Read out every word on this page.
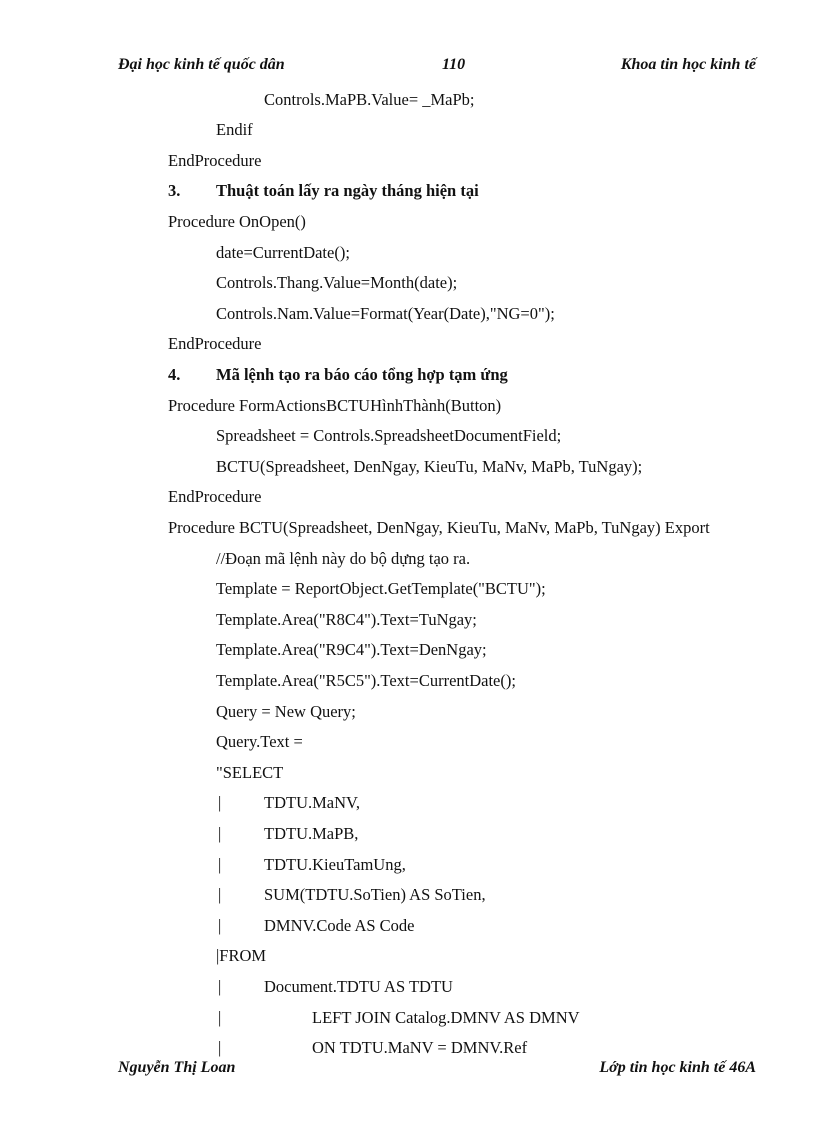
Đại học kinh tế quốc dân	110	Khoa tin học kinh tế
Controls.MaPB.Value= _MaPb;
Endif
EndProcedure
3. Thuật toán lấy ra ngày tháng hiện tại
Procedure OnOpen()
date=CurrentDate();
Controls.Thang.Value=Month(date);
Controls.Nam.Value=Format(Year(Date),"NG=0");
EndProcedure
4. Mã lệnh tạo ra báo cáo tổng hợp tạm ứng
Procedure FormActionsBCTUHìnhThành(Button)
Spreadsheet = Controls.SpreadsheetDocumentField;
BCTU(Spreadsheet, DenNgay, KieuTu, MaNv, MaPb, TuNgay);
EndProcedure
Procedure BCTU(Spreadsheet, DenNgay, KieuTu, MaNv, MaPb, TuNgay) Export
//Đoạn mã lệnh này do bộ dựng tạo ra.
Template = ReportObject.GetTemplate("BCTU");
Template.Area("R8C4").Text=TuNgay;
Template.Area("R9C4").Text=DenNgay;
Template.Area("R5C5").Text=CurrentDate();
Query = New Query;
Query.Text =
"SELECT
|	TDTU.MaNV,
|	TDTU.MaPB,
|	TDTU.KieuTamUng,
|	SUM(TDTU.SoTien) AS SoTien,
|	DMNV.Code AS Code
|FROM
|	Document.TDTU AS TDTU
|	LEFT JOIN Catalog.DMNV AS DMNV
|	ON TDTU.MaNV = DMNV.Ref
Nguyễn Thị Loan	Lớp tin học kinh tế 46A
